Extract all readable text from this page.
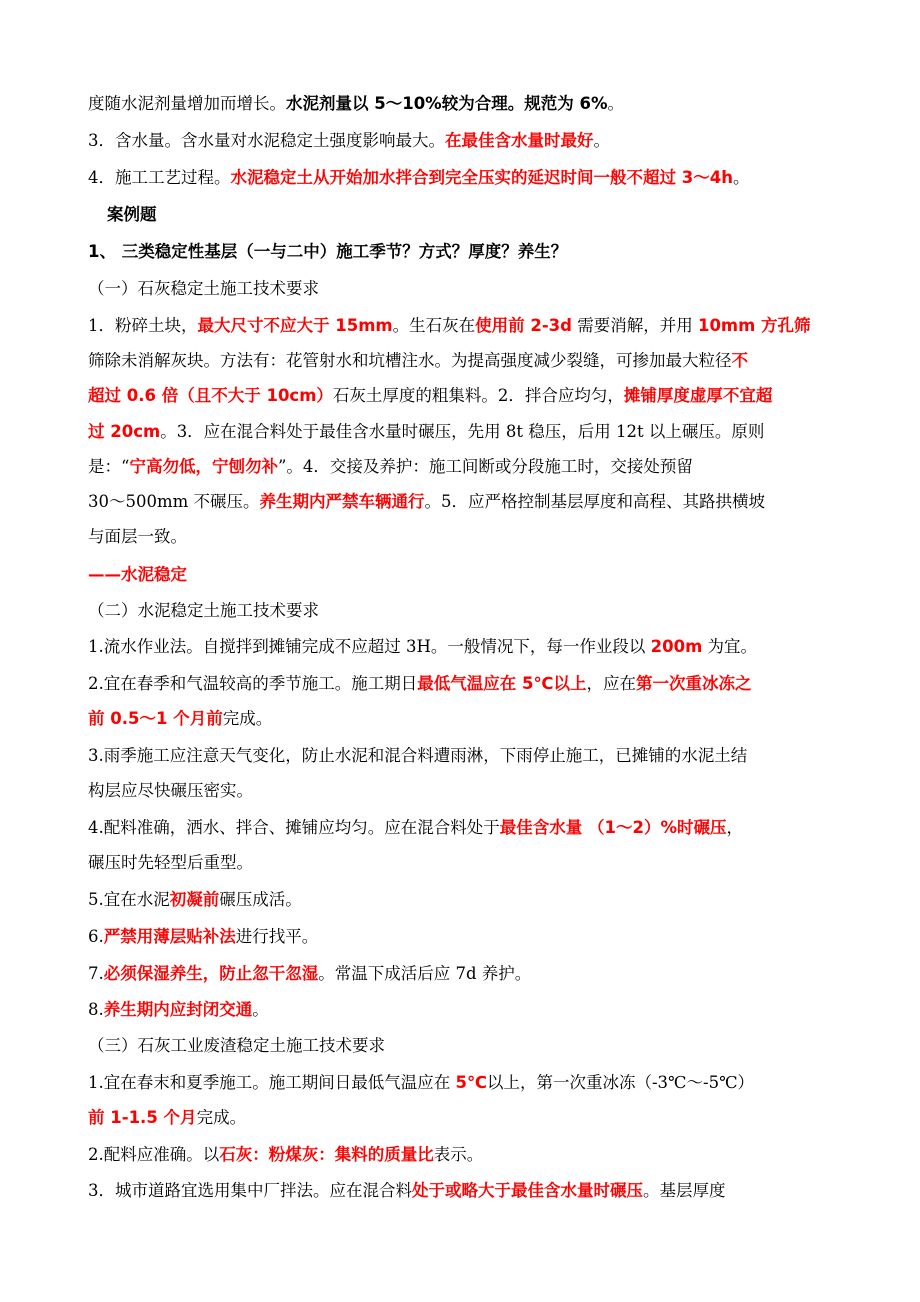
度随水泥剂量增加而增长。水泥剂量以 5～10%较为合理。规范为 6%。
3．含水量。含水量对水泥稳定土强度影响最大。在最佳含水量时最好。
4．施工工艺过程。水泥稳定土从开始加水拌合到完全压实的延迟时间一般不超过 3～4h。
案例题
1、 三类稳定性基层（一与二中）施工季节？方式？厚度？养生？
（一）石灰稳定土施工技术要求
1．粉碎土块，最大尺寸不应大于 15mm。生石灰在使用前 2-3d 需要消解，并用 10mm 方孔筛
筛除未消解灰块。方法有：花管射水和坑槽注水。为提高强度减少裂缝，可掺加最大粒径不
超过 0.6 倍（且不大于 10cm）石灰土厚度的粗集料。2．拌合应均匀，摊铺厚度虚厚不宜超
过 20cm。3．应在混合料处于最佳含水量时碾压，先用 8t 稳压，后用 12t 以上碾压。原则
是：“宁高勿低，宁刨勿补”。4．交接及养护：施工间断或分段施工时，交接处预留
30～500mm 不碾压。养生期内严禁车辆通行。5．应严格控制基层厚度和高程、其路拱横坡
与面层一致。
——水泥稳定
（二）水泥稳定土施工技术要求
1.流水作业法。自搅拌到摊铺完成不应超过 3H。一般情况下，每一作业段以 200m 为宜。
2.宜在春季和气温较高的季节施工。施工期日最低气温应在 5℃以上，应在第一次重冰冻之
前 0.5～1 个月前完成。
3.雨季施工应注意天气变化，防止水泥和混合料遭雨淋，下雨停止施工，已摊铺的水泥土结
构层应尽快碾压密实。
4.配料准确，洒水、拌合、摊铺应均匀。应在混合料处于最佳含水量 （1～2）%时碾压，
碾压时先轻型后重型。
5.宜在水泥初凝前碾压成活。
6.严禁用薄层贴补法进行找平。
7.必须保湿养生，防止忽干忽湿。常温下成活后应 7d 养护。
8.养生期内应封闭交通。
（三）石灰工业废渣稳定土施工技术要求
1.宜在春末和夏季施工。施工期间日最低气温应在 5℃以上，第一次重冰冻（-3℃～-5℃）
前 1-1.5 个月完成。
2.配料应准确。以石灰：粉煤灰：集料的质量比表示。
3．城市道路宜选用集中厂拌法。应在混合料处于或略大于最佳含水量时碾压。基层厚度
